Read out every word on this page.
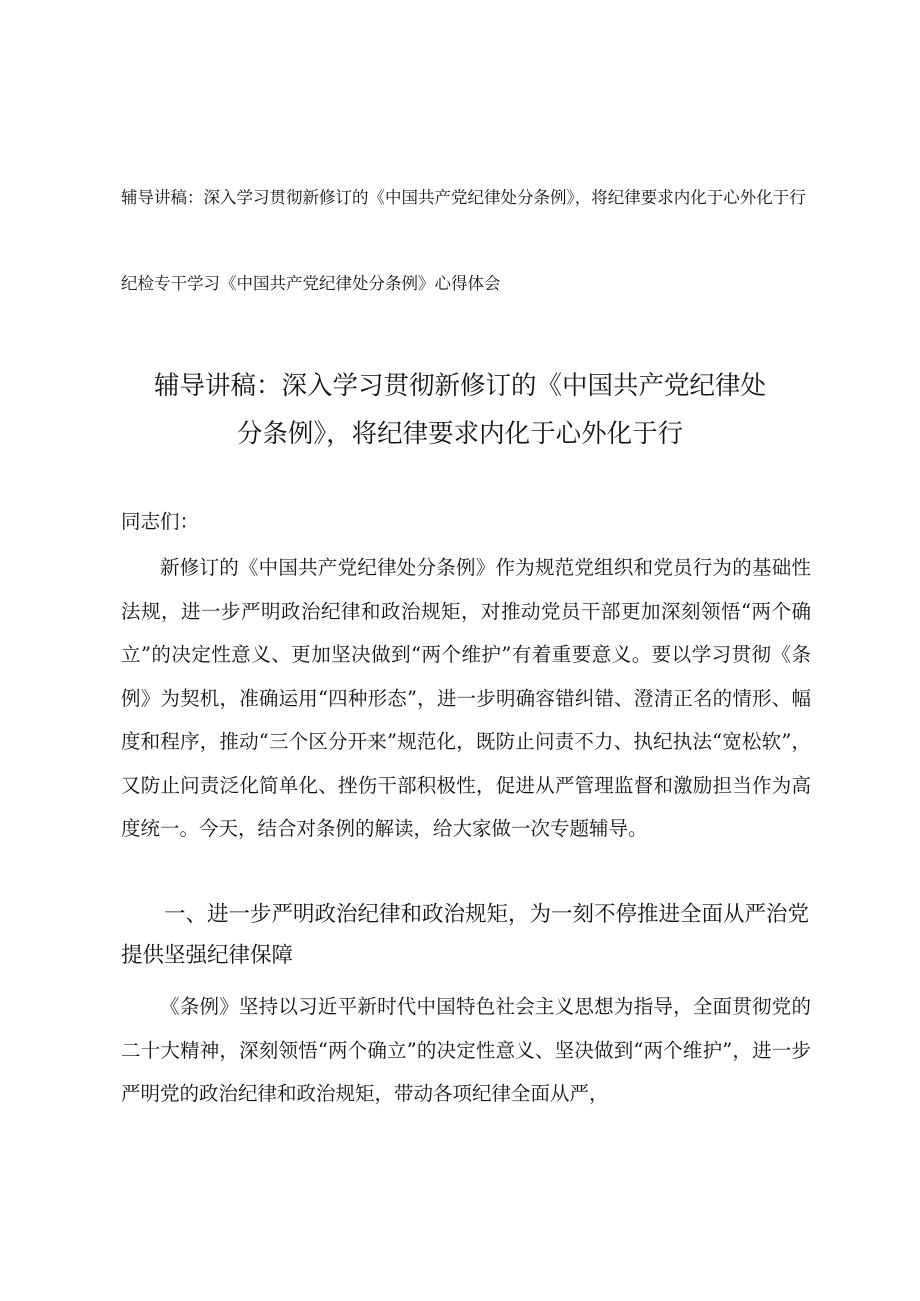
辅导讲稿：深入学习贯彻新修订的《中国共产党纪律处分条例》，将纪律要求内化于心外化于行
纪检专干学习《中国共产党纪律处分条例》心得体会
辅导讲稿：深入学习贯彻新修订的《中国共产党纪律处
分条例》，将纪律要求内化于心外化于行
同志们：

新修订的《中国共产党纪律处分条例》作为规范党组织和党员行为的基础性法规，进一步严明政治纪律和政治规矩，对推动党员干部更加深刻领悟“两个确立”的决定性意义、更加坚决做到“两个维护”有着重要意义。要以学习贯彻《条例》为契机，准确运用“四种形态”，进一步明确容错纠错、澄清正名的情形、幅度和程序，推动“三个区分开来”规范化，既防止问责不力、执纪执法“宽松软”，又防止问责泛化简单化、挫伤干部积极性，促进从严管理监督和激励担当作为高度统一。今天，结合对条例的解读，给大家做一次专题辅导。

一、进一步严明政治纪律和政治规矩，为一刻不停推进全面从严治党提供坚强纪律保障

《条例》坚持以习近平新时代中国特色社会主义思想为指导，全面贯彻党的二十大精神，深刻领悟“两个确立”的决定性意义、坚决做到“两个维护”，进一步严明党的政治纪律和政治规矩，带动各项纪律全面从严，
